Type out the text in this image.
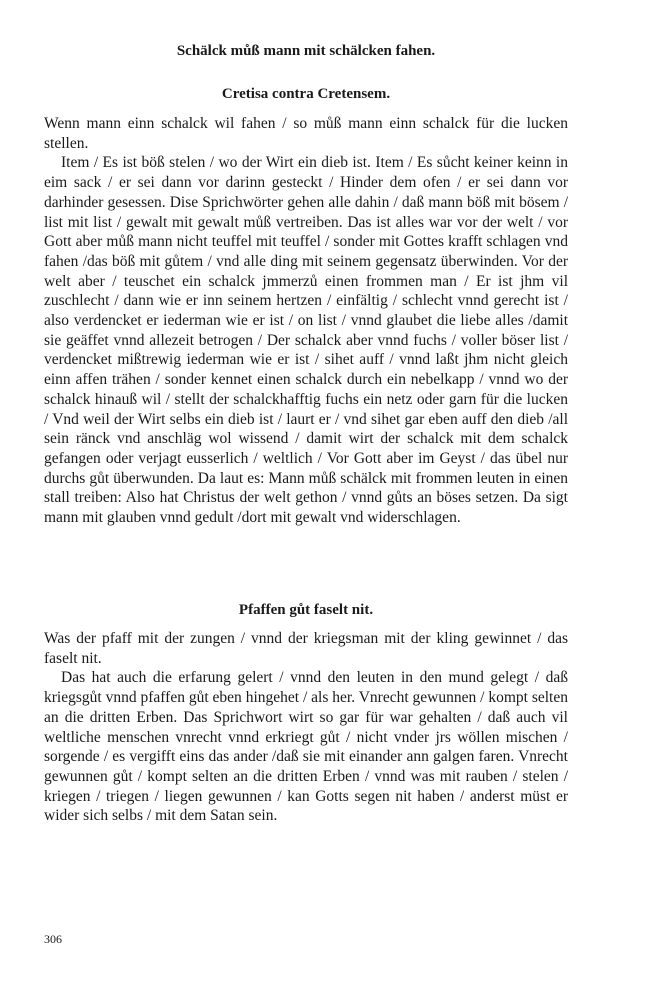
Schälck můß mann mit schälcken fahen.
Cretisa contra Cretensem.

Wenn mann einn schalck wil fahen / so můß mann einn schalck für die lucken stellen.

Item / Es ist böß stelen / wo der Wirt ein dieb ist. Item / Es sůcht keiner keinn in eim sack / er sei dann vor darinn gesteckt / Hinder dem ofen / er sei dann vor darhinder gesessen. Dise Sprichwörter gehen alle dahin / daß mann böß mit bösem / list mit list / gewalt mit gewalt můß vertreiben. Das ist alles war vor der welt / vor Gott aber můß mann nicht teuffel mit teuffel / sonder mit Gottes krafft schlagen vnd fahen /das böß mit gůtem / vnd alle ding mit seinem gegensatz überwinden. Vor der welt aber / teuschet ein schalck jmmerzů einen frommen man / Er ist jhm vil zuschlecht / dann wie er inn seinem hertzen / einfältig / schlecht vnnd gerecht ist / also verdencket er iederman wie er ist / on list / vnnd glaubet die liebe alles /damit sie geäffet vnnd allezeit betrogen / Der schalck aber vnnd fuchs / voller böser list / verdencket mißtrewig iederman wie er ist / sihet auff / vnnd laßt jhm nicht gleich einn affen trähen / sonder kennet einen schalck durch ein nebelkapp / vnnd wo der schalck hinauß wil / stellt der schalckhafftig fuchs ein netz oder garn für die lucken / Vnd weil der Wirt selbs ein dieb ist / laurt er / vnd sihet gar eben auff den dieb /all sein ränck vnd anschläg wol wissend / damit wirt der schalck mit dem schalck gefangen oder verjagt eusserlich / weltlich / Vor Gott aber im Geyst / das übel nur durchs gůt überwunden. Da laut es: Mann můß schälck mit frommen leuten in einen stall treiben: Also hat Christus der welt gethon / vnnd gůts an böses setzen. Da sigt mann mit glauben vnnd gedult /dort mit gewalt vnd widerschlagen.

Pfaffen gůt faselt nit.

Was der pfaff mit der zungen / vnnd der kriegsman mit der kling gewinnet / das faselt nit.

Das hat auch die erfarung gelert / vnnd den leuten in den mund gelegt / daß kriegsgůt vnnd pfaffen gůt eben hingehet / als her. Vnrecht gewunnen / kompt selten an die dritten Erben. Das Sprichwort wirt so gar für war gehalten / daß auch vil weltliche menschen vnrecht vnnd erkriegt gůt / nicht vnder jrs wöllen mischen / sorgende / es vergifft eins das ander /daß sie mit einander ann galgen faren. Vnrecht gewunnen gůt / kompt selten an die dritten Erben / vnnd was mit rauben / stelen / kriegen / triegen / liegen gewunnen / kan Gotts segen nit haben / anderst müst er wider sich selbs / mit dem Satan sein.

306
